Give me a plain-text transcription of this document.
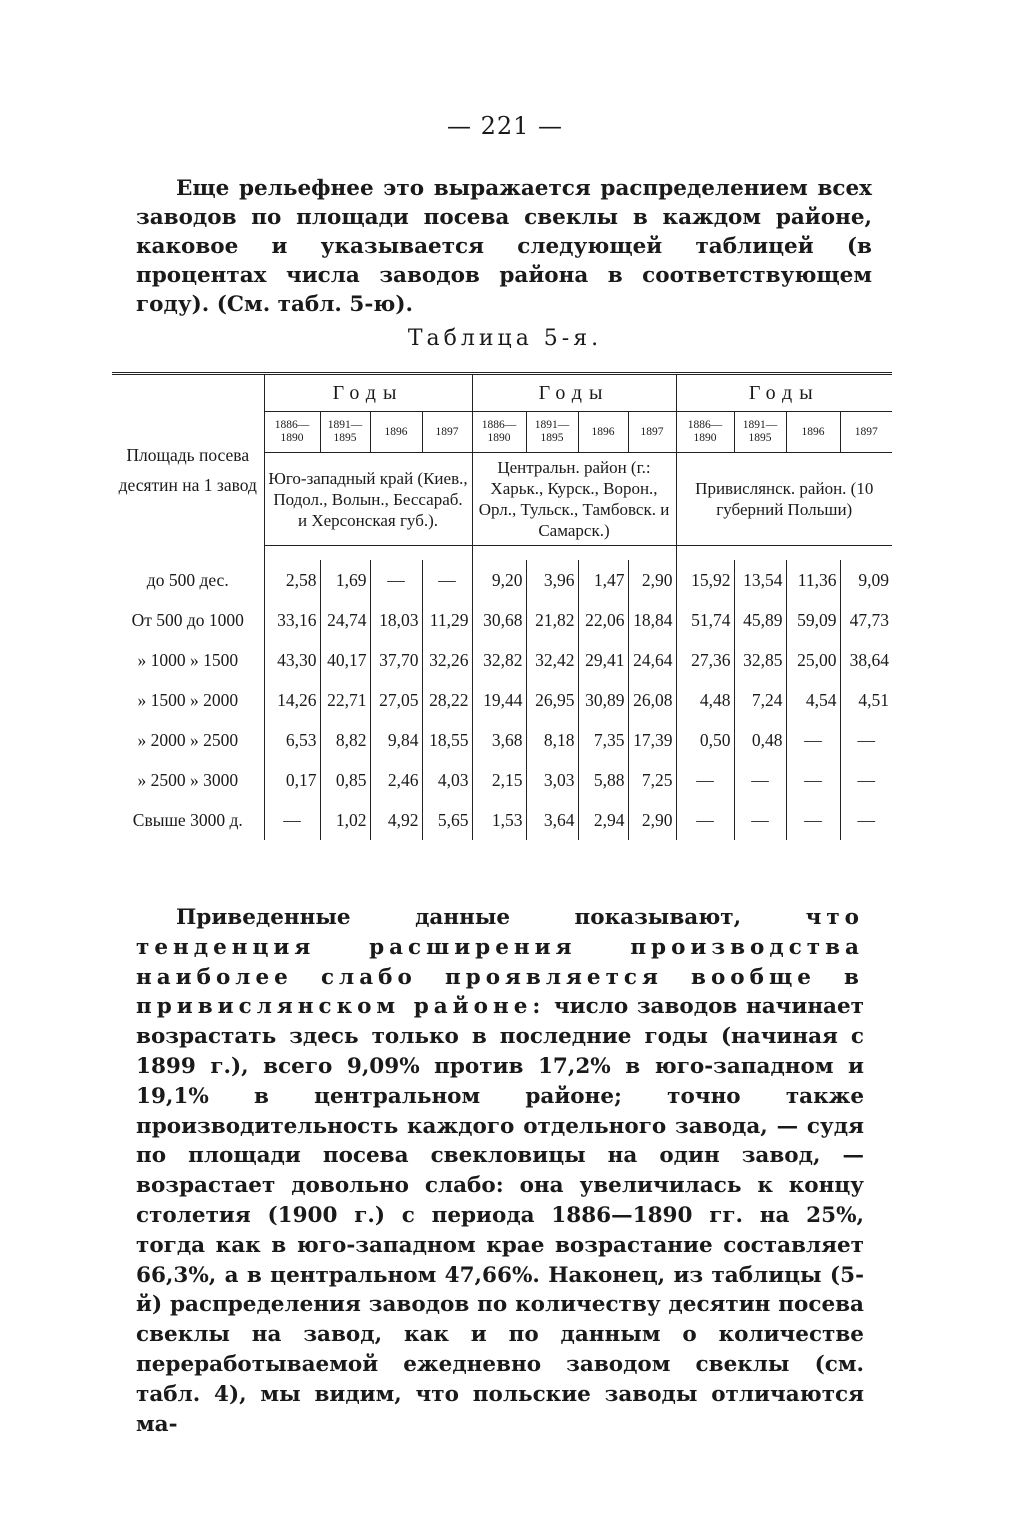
— 221 —

Еще рельефнее это выражается распределением всех заводов по площади посева свеклы в каждом районе, каковое и указывается следующей таблицей (в процентах числа заводов района в соответствующем году). (См. табл. 5-ю).

Таблица 5-я.

Площадь посева десятин на 1 завод	Годы				Годы				Годы			
	1886—1890	1891—1895	1896	1897	1886—1890	1891—1895	1896	1897	1886—1890	1891—1895	1896	1897
	Юго-западный край (Киев., Подол., Волын., Бессараб. и Херсонская губ.).				Центральн. район (г.: Харьк., Курск., Ворон., Орл., Тульск., Тамбовск. и Самарск.)				Привислянск. район. (10 губерний Польши)			

до 500 дес.	2,58	1,69	—	—	9,20	3,96	1,47	2,90	15,92	13,54	11,36	9,09
От 500 до 1000	33,16	24,74	18,03	11,29	30,68	21,82	22,06	18,84	51,74	45,89	59,09	47,73
» 1000 » 1500	43,30	40,17	37,70	32,26	32,82	32,42	29,41	24,64	27,36	32,85	25,00	38,64
» 1500 » 2000	14,26	22,71	27,05	28,22	19,44	26,95	30,89	26,08	4,48	7,24	4,54	4,51
» 2000 » 2500	6,53	8,82	9,84	18,55	3,68	8,18	7,35	17,39	0,50	0,48	—	—
» 2500 » 3000	0,17	0,85	2,46	4,03	2,15	3,03	5,88	7,25	—	—	—	—
Свыше 3000 д.	—	1,02	4,92	5,65	1,53	3,64	2,94	2,90	—	—	—	—

Приведенные данные показывают,	что тенденция расширения производства наиболее слабо проявляется вообще в привислянском районе: число заводов начинает возрастать здесь только в последние годы (начиная с 1899 г.), всего 9,09% против 17,2% в юго-западном и 19,1% в центральном районе; точно также производительность каждого отдельного завода, — судя по площади посева свекловицы на один завод, — возрастает довольно слабо: она увеличилась к концу столетия (1900 г.) с периода 1886—1890 гг. на 25%, тогда как в юго-западном крае возрастание составляет 66,3%, а в центральном 47,66%. Наконец, из таблицы (5-й) распределения заводов по количеству десятин посева свеклы на завод, как и по данным о количестве переработываемой ежедневно заводом свеклы (см. табл. 4), мы видим, что польские заводы отличаются ма-
